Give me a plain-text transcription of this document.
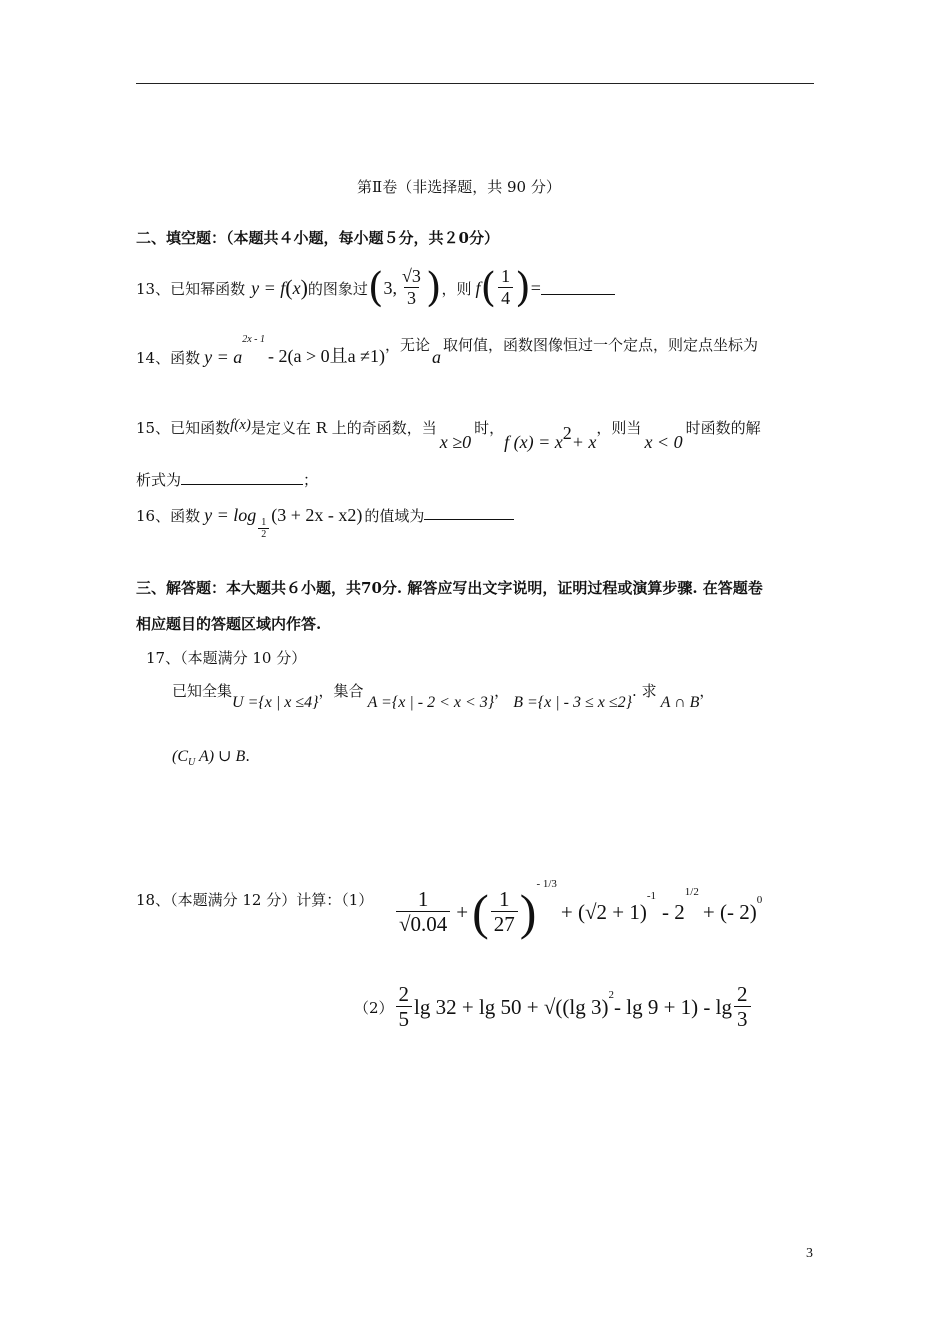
第Ⅱ卷（非选择题，共 90 分）
二、填空题：（本题共４小题，每小题５分，共２0分）
13、已知幂函数 y = f ( x ) 的图象过 ( 3, $\frac{√3}{3}$ ) ，则 f ( $\frac{1}{4}$ ) =
14、函数 y = a
2x - 1
- 2(a > 0且a ≠1)
，无论
a
取何值，函数图像恒过一个定点，则定点坐标为
15、已知函数 f(x) 是定义在 R 上的奇函数，当
x ≥0
时，
f (x) = x 2 + x
，则当
x < 0
时函数的解
析式为	；
16、函数 y = log
$\frac{1}{2}$
(3 + 2x - x 2 ) 的值域为
三、解答题：本大题共６小题，共70分. 解答应写出文字说明，证明过程或演算步骤. 在答题卷
相应题目的答题区域内作答.
17、（本题满分 10 分）
已知全集
U ={x | x ≤4}
，集合
A ={x | - 2 < x < 3}
，
B ={x | - 3 ≤ x ≤2}
. 求
A ∩ B
，
($C_U$ A) ∪ B.
18、（本题满分 12 分）计算：$(1) \frac{1}{√0.04}$ + ( $\frac{1}{27} )^{- 1/3}$
+ (√2 + 1)
$^{-1}$
- 2
1/2
+ (- 2)$^0$
$(2) \frac{2}{5}$ lg 32 + lg 50 + √((lg $3)^2 - \lg 9 + 1) - \lg \frac{2}{3}$
3
